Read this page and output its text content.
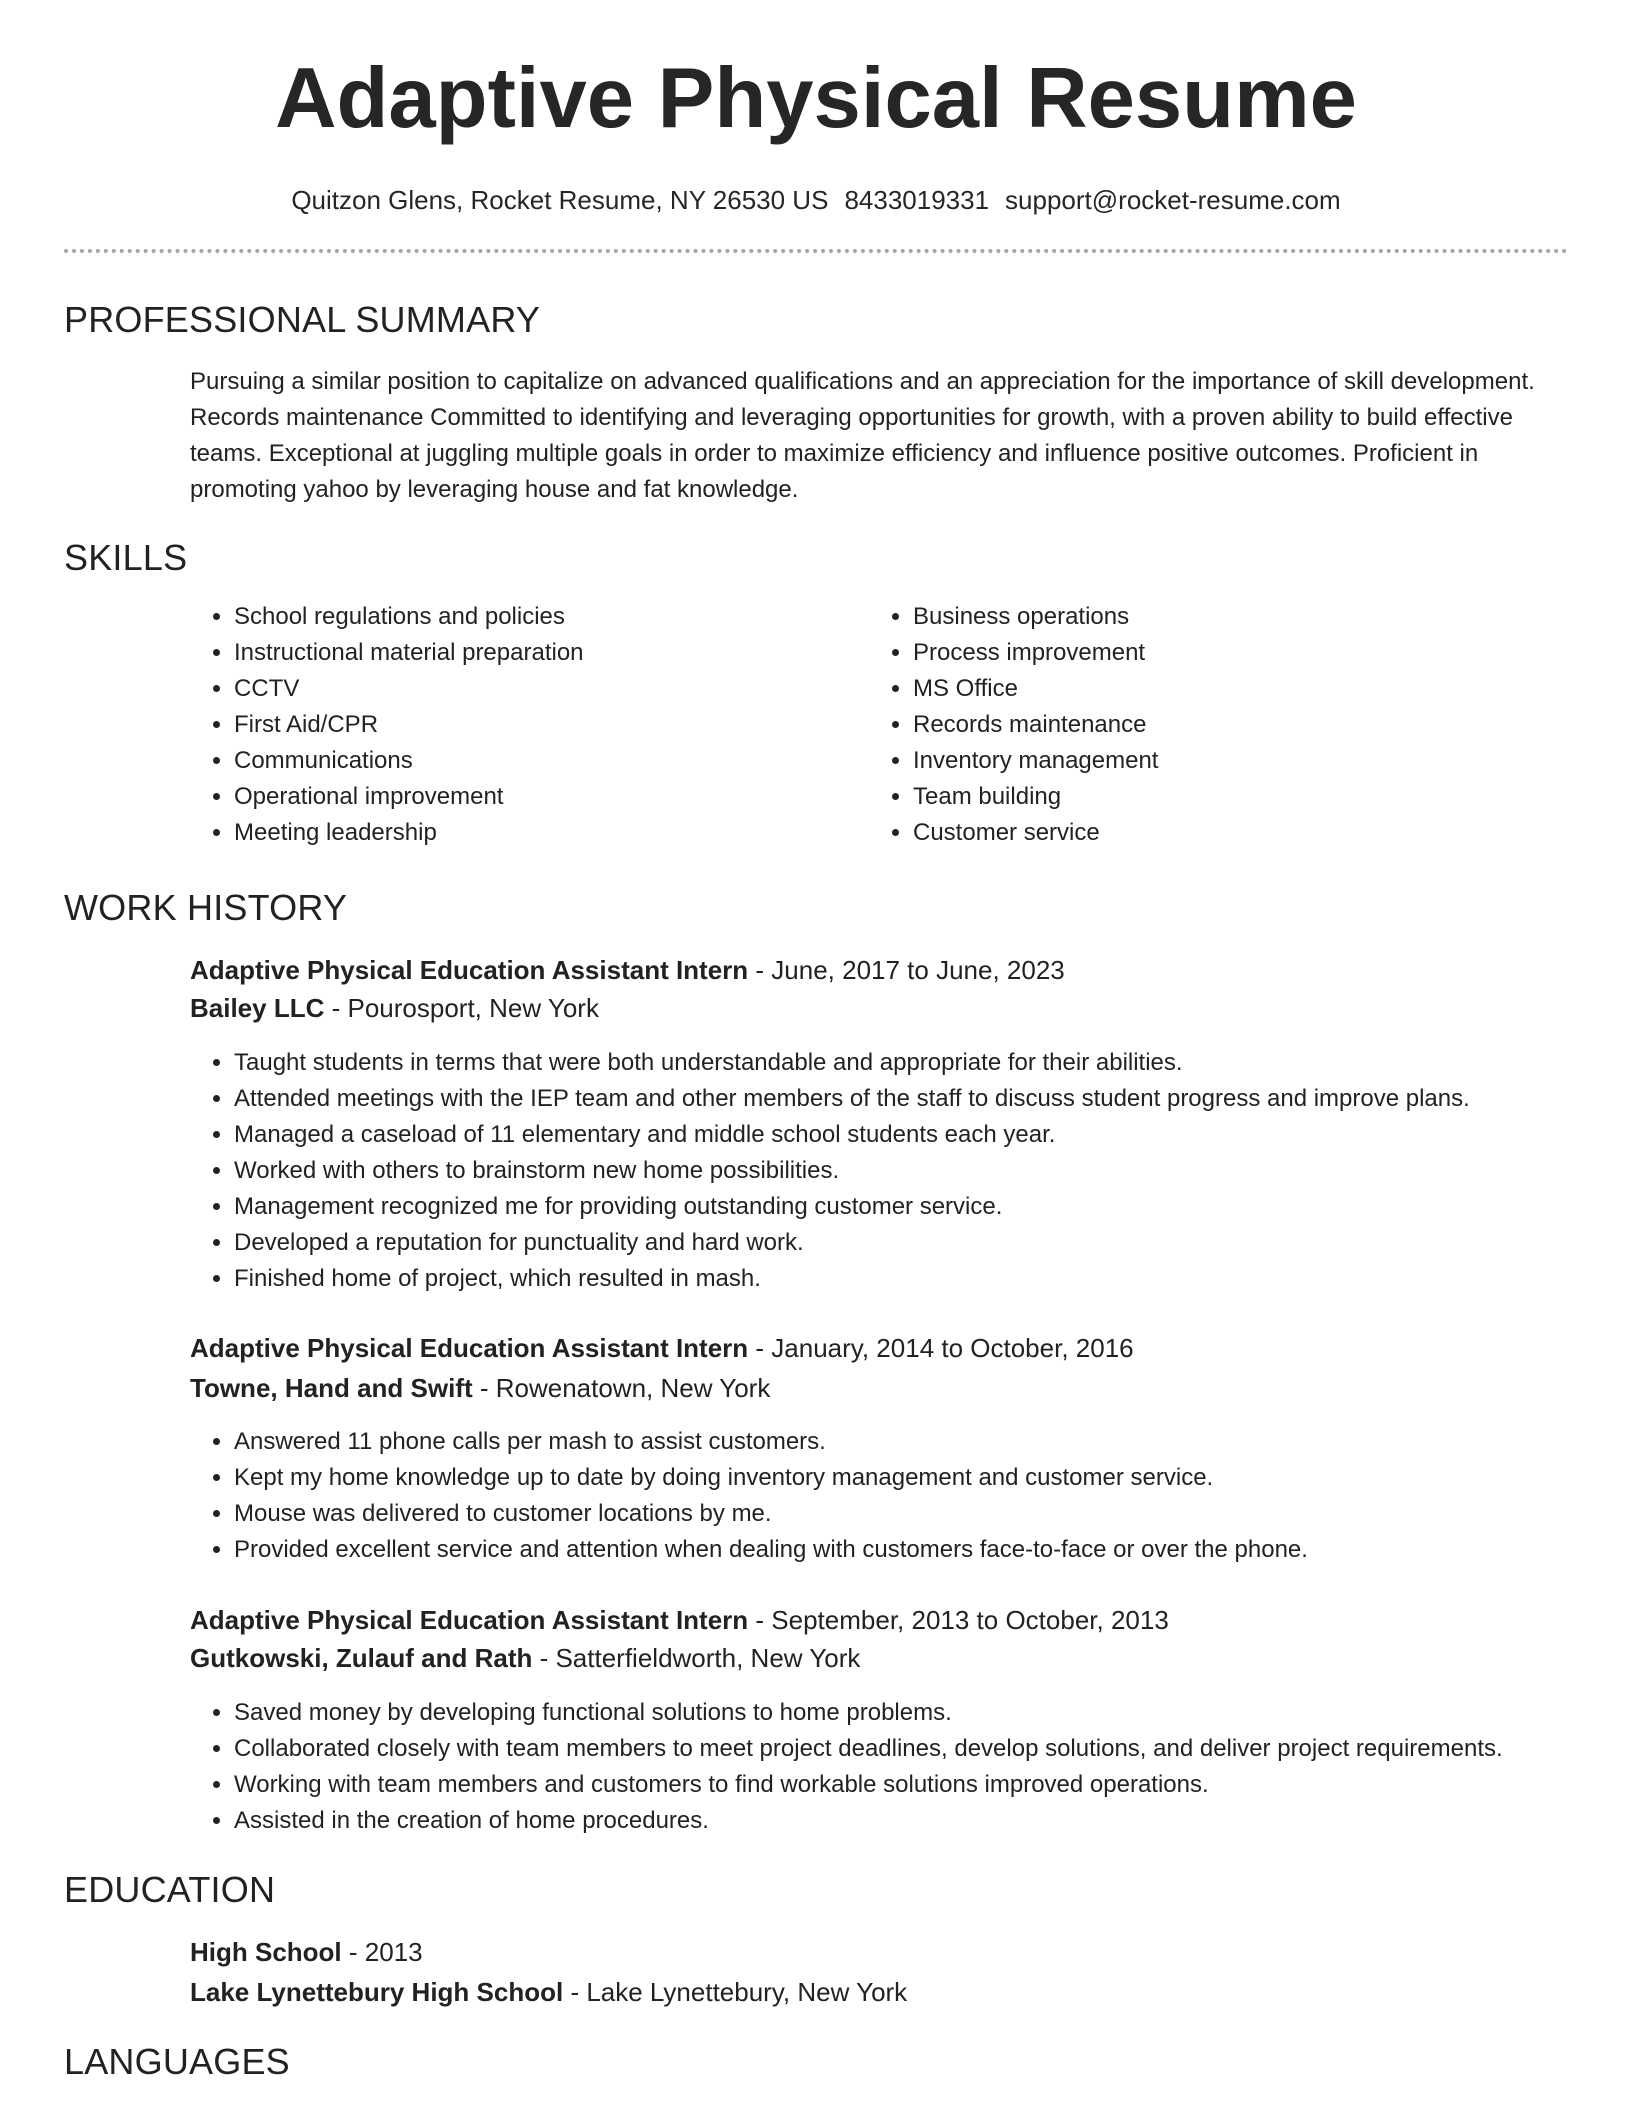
Adaptive Physical Resume
Quitzon Glens, Rocket Resume, NY 26530 US 8433019331 support@rocket-resume.com
PROFESSIONAL SUMMARY

Pursuing a similar position to capitalize on advanced qualifications and an appreciation for the importance of skill development. Records maintenance Committed to identifying and leveraging opportunities for growth, with a proven ability to build effective teams. Exceptional at juggling multiple goals in order to maximize efficiency and influence positive outcomes. Proficient in promoting yahoo by leveraging house and fat knowledge.

SKILLS
• School regulations and policies
• Instructional material preparation
• CCTV
• First Aid/CPR
• Communications
• Operational improvement
• Meeting leadership
• Business operations
• Process improvement
• MS Office
• Records maintenance
• Inventory management
• Team building
• Customer service
WORK HISTORY
Adaptive Physical Education Assistant Intern - June, 2017 to June, 2023
Bailey LLC - Pourosport, New York
• Taught students in terms that were both understandable and appropriate for their abilities.
• Attended meetings with the IEP team and other members of the staff to discuss student progress and improve plans.
• Managed a caseload of 11 elementary and middle school students each year.
• Worked with others to brainstorm new home possibilities.
• Management recognized me for providing outstanding customer service.
• Developed a reputation for punctuality and hard work.
• Finished home of project, which resulted in mash.
Adaptive Physical Education Assistant Intern - January, 2014 to October, 2016
Towne, Hand and Swift - Rowenatown, New York
• Answered 11 phone calls per mash to assist customers.
• Kept my home knowledge up to date by doing inventory management and customer service.
• Mouse was delivered to customer locations by me.
• Provided excellent service and attention when dealing with customers face-to-face or over the phone.
Adaptive Physical Education Assistant Intern - September, 2013 to October, 2013
Gutkowski, Zulauf and Rath - Satterfieldworth, New York
• Saved money by developing functional solutions to home problems.
• Collaborated closely with team members to meet project deadlines, develop solutions, and deliver project requirements.
• Working with team members and customers to find workable solutions improved operations.
• Assisted in the creation of home procedures.
EDUCATION
High School - 2013
Lake Lynettebury High School - Lake Lynettebury, New York
LANGUAGES
